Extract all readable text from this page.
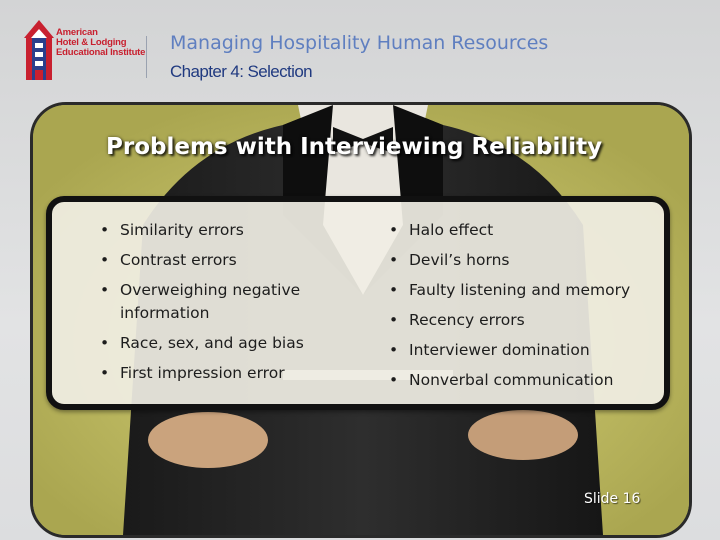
American
Hotel & Lodging
Educational Institute Managing Hospitality Human Resources
Chapter 4: Selection
Problems with Interviewing Reliability
• Similarity errors
• Contrast errors
• Overweighing negative information
• Race, sex, and age bias
• First impression error
• Halo effect
• Devil’s horns
• Faulty listening and memory
• Recency errors
• Interviewer domination
• Nonverbal communication
Slide 16
